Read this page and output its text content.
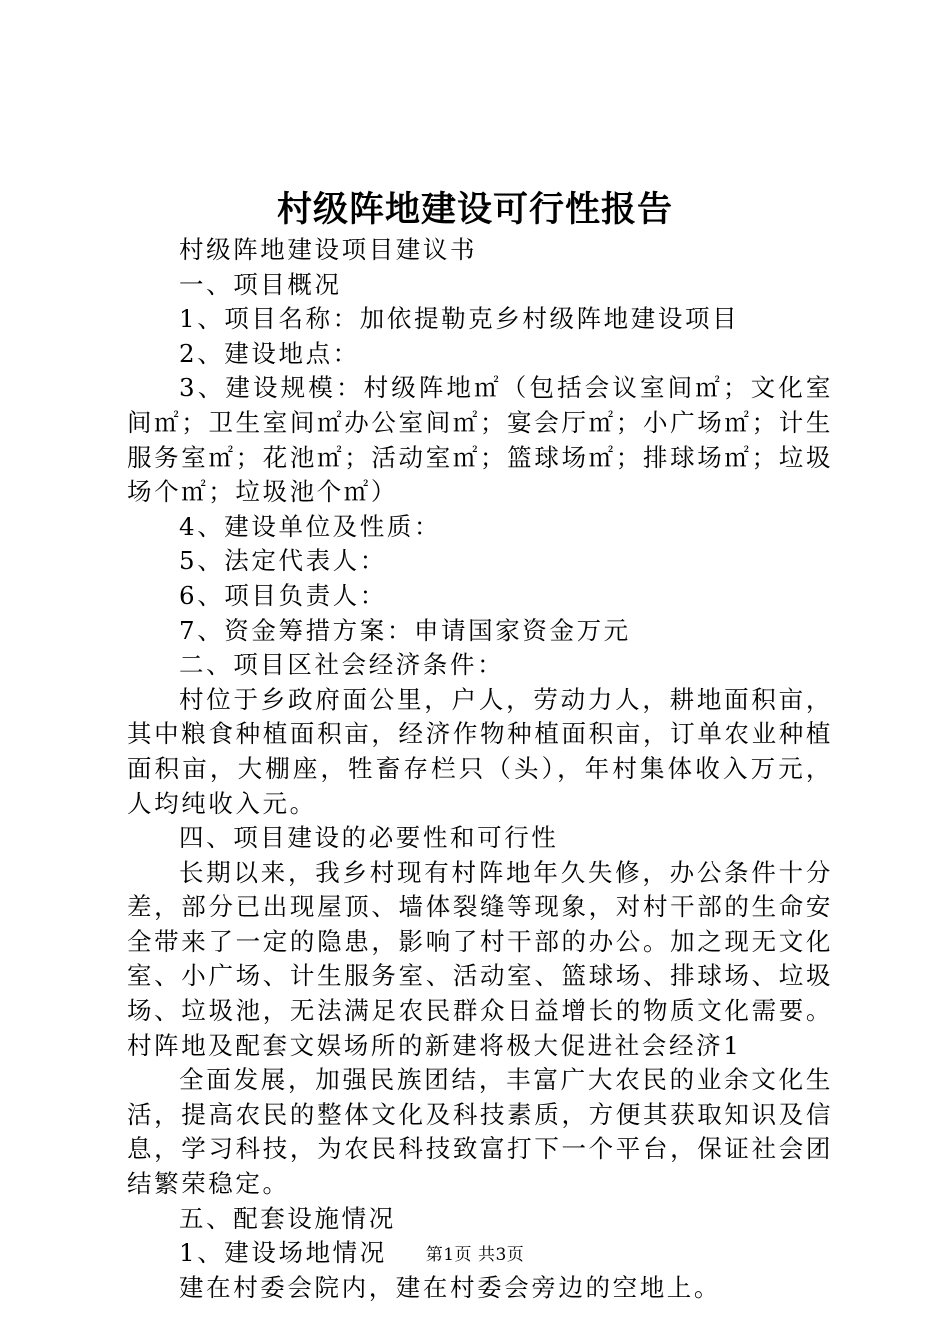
村级阵地建设可行性报告

村级阵地建设项目建议书

一、项目概况

1、项目名称：加依提勒克乡村级阵地建设项目

2、建设地点：

3、建设规模：村级阵地㎡（包括会议室间㎡；文化室间㎡；卫生室间㎡办公室间㎡；宴会厅㎡；小广场㎡；计生服务室㎡；花池㎡；活动室㎡；篮球场㎡；排球场㎡；垃圾场个㎡；垃圾池个㎡）

4、建设单位及性质：

5、法定代表人：

6、项目负责人：

7、资金筹措方案：申请国家资金万元

二、项目区社会经济条件：

村位于乡政府面公里，户人，劳动力人，耕地面积亩，其中粮食种植面积亩，经济作物种植面积亩，订单农业种植面积亩，大棚座，牲畜存栏只（头），年村集体收入万元，人均纯收入元。

四、项目建设的必要性和可行性

长期以来，我乡村现有村阵地年久失修，办公条件十分差，部分已出现屋顶、墙体裂缝等现象，对村干部的生命安全带来了一定的隐患，影响了村干部的办公。加之现无文化室、小广场、计生服务室、活动室、篮球场、排球场、垃圾场、垃圾池，无法满足农民群众日益增长的物质文化需要。村阵地及配套文娱场所的新建将极大促进社会经济1

全面发展，加强民族团结，丰富广大农民的业余文化生活，提高农民的整体文化及科技素质，方便其获取知识及信息，学习科技，为农民科技致富打下一个平台，保证社会团结繁荣稳定。

五、配套设施情况

1、建设场地情况

建在村委会院内，建在村委会旁边的空地上。

第1页 共3页
